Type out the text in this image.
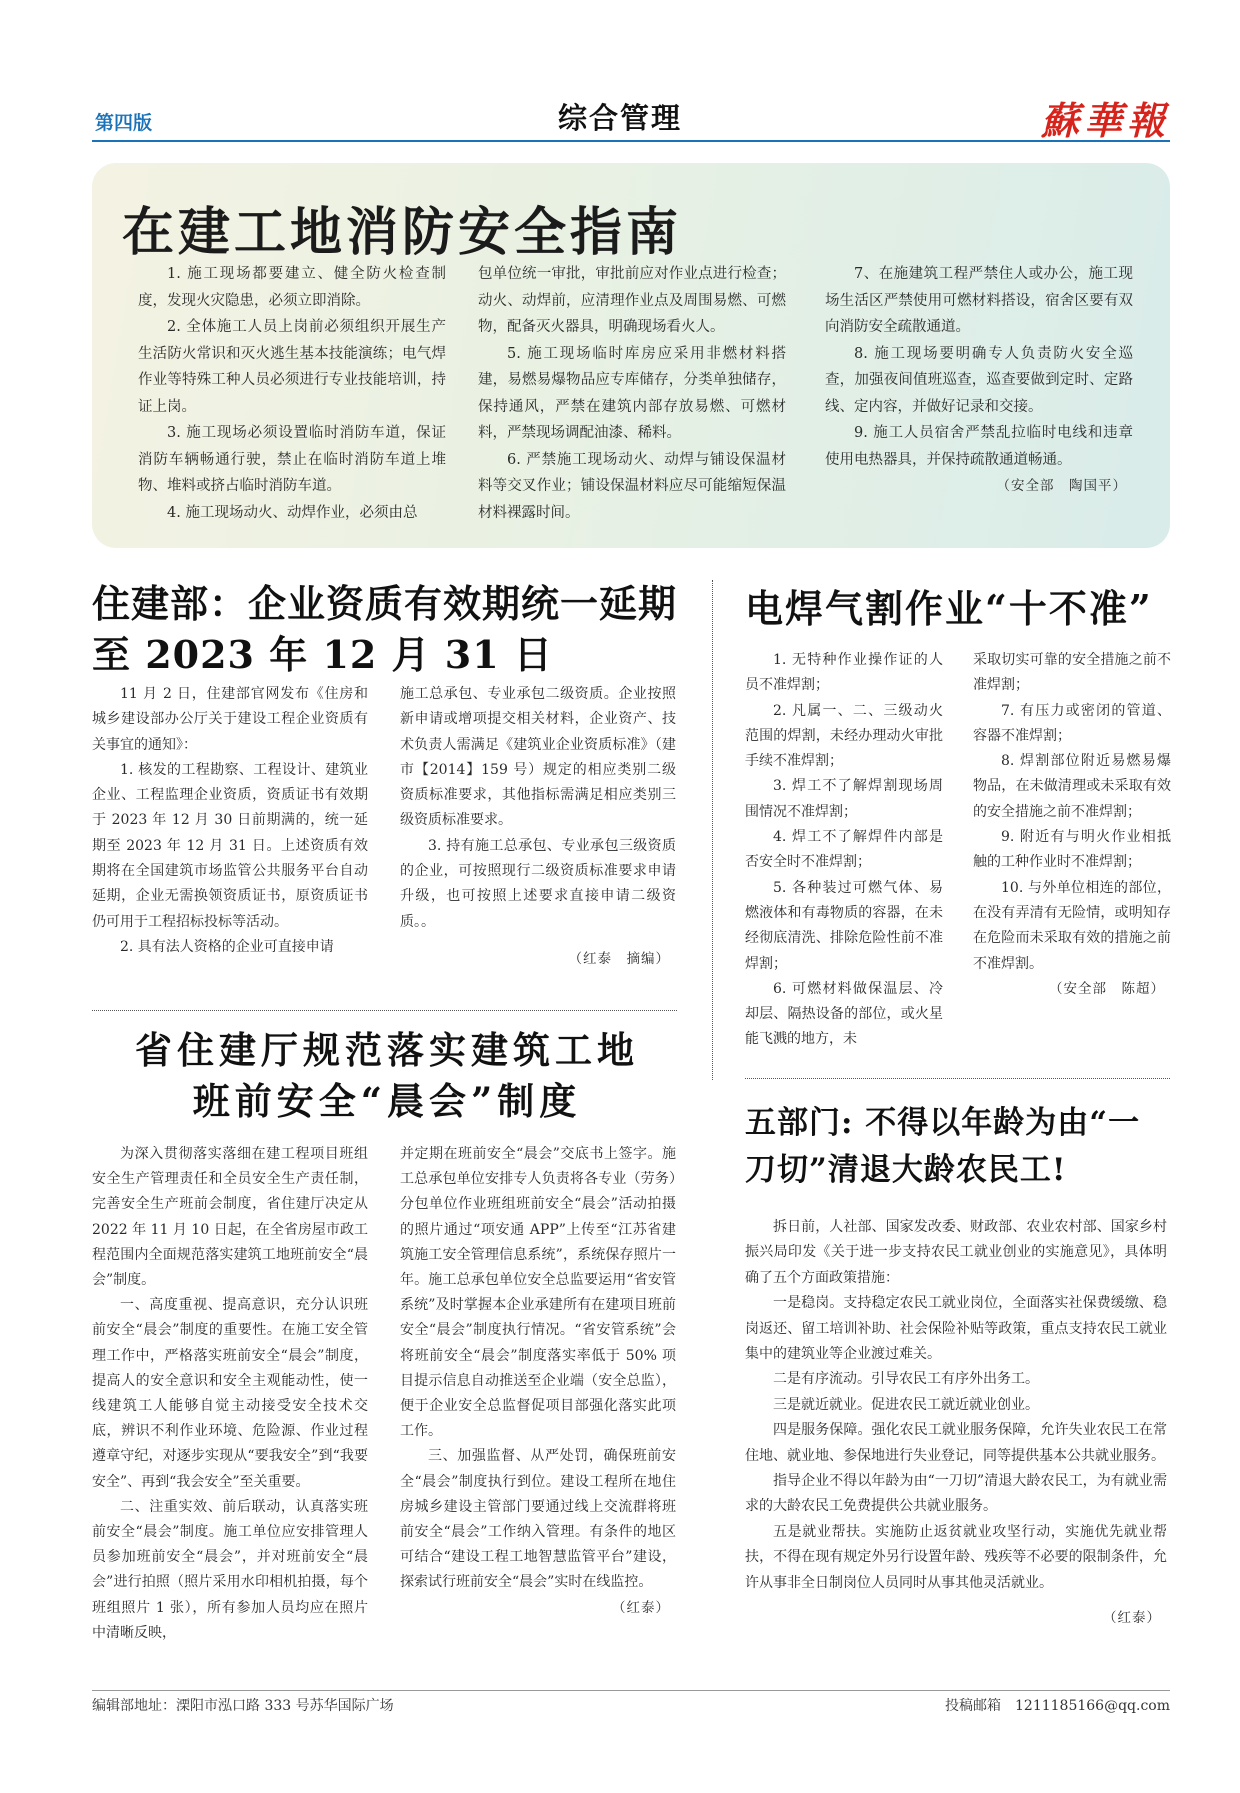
第四版	综合管理	蘇華報
在建工地消防安全指南

1. 施工现场都要建立、健全防火检查制度，发现火灾隐患，必须立即消除。

2. 全体施工人员上岗前必须组织开展生产生活防火常识和灭火逃生基本技能演练；电气焊作业等特殊工种人员必须进行专业技能培训，持证上岗。

3. 施工现场必须设置临时消防车道，保证消防车辆畅通行驶，禁止在临时消防车道上堆物、堆料或挤占临时消防车道。

4. 施工现场动火、动焊作业，必须由总

包单位统一审批，审批前应对作业点进行检查；动火、动焊前，应清理作业点及周围易燃、可燃物，配备灭火器具，明确现场看火人。

5. 施工现场临时库房应采用非燃材料搭建，易燃易爆物品应专库储存，分类单独储存，保持通风，严禁在建筑内部存放易燃、可燃材料，严禁现场调配油漆、稀料。

6. 严禁施工现场动火、动焊与铺设保温材料等交叉作业；铺设保温材料应尽可能缩短保温材料裸露时间。

7、在施建筑工程严禁住人或办公，施工现场生活区严禁使用可燃材料搭设，宿舍区要有双向消防安全疏散通道。

8. 施工现场要明确专人负责防火安全巡查，加强夜间值班巡查，巡查要做到定时、定路线、定内容，并做好记录和交接。

9. 施工人员宿舍严禁乱拉临时电线和违章使用电热器具，并保持疏散通道畅通。

（安全部　陶国平）
住建部：企业资质有效期统一延期至 2023 年 12 月 31 日

11 月 2 日，住建部官网发布《住房和城乡建设部办公厅关于建设工程企业资质有关事宜的通知》：

1. 核发的工程勘察、工程设计、建筑业企业、工程监理企业资质，资质证书有效期于 2023 年 12 月 30 日前期满的，统一延期至 2023 年 12 月 31 日。上述资质有效期将在全国建筑市场监管公共服务平台自动延期，企业无需换领资质证书，原资质证书仍可用于工程招标投标等活动。

2. 具有法人资格的企业可直接申请

施工总承包、专业承包二级资质。企业按照新申请或增项提交相关材料，企业资产、技术负责人需满足《建筑业企业资质标准》（建市【2014】159 号）规定的相应类别二级资质标准要求，其他指标需满足相应类别三级资质标准要求。

3. 持有施工总承包、专业承包三级资质的企业，可按照现行二级资质标准要求申请升级，也可按照上述要求直接申请二级资质。。

（红泰　摘编）
省住建厅规范落实建筑工地
班前安全“晨会”制度

为深入贯彻落实落细在建工程项目班组安全生产管理责任和全员安全生产责任制，完善安全生产班前会制度，省住建厅决定从 2022 年 11 月 10 日起，在全省房屋市政工程范围内全面规范落实建筑工地班前安全“晨会”制度。

一、高度重视、提高意识，充分认识班前安全“晨会”制度的重要性。在施工安全管理工作中，严格落实班前安全“晨会”制度，提高人的安全意识和安全主观能动性，使一线建筑工人能够自觉主动接受安全技术交底，辨识不利作业环境、危险源、作业过程遵章守纪，对逐步实现从“要我安全”到“我要安全”、再到“我会安全”至关重要。

二、注重实效、前后联动，认真落实班前安全“晨会”制度。施工单位应安排管理人员参加班前安全“晨会”，并对班前安全“晨会”进行拍照（照片采用水印相机拍摄，每个班组照片 1 张），所有参加人员均应在照片中清晰反映，

并定期在班前安全“晨会”交底书上签字。施工总承包单位安排专人负责将各专业（劳务）分包单位作业班组班前安全“晨会”活动拍摄的照片通过“项安通 APP”上传至“江苏省建筑施工安全管理信息系统”，系统保存照片一年。施工总承包单位安全总监要运用“省安管系统”及时掌握本企业承建所有在建项目班前安全“晨会”制度执行情况。“省安管系统”会将班前安全“晨会”制度落实率低于 50% 项目提示信息自动推送至企业端（安全总监），便于企业安全总监督促项目部强化落实此项工作。

三、加强监督、从严处罚，确保班前安全“晨会”制度执行到位。建设工程所在地住房城乡建设主管部门要通过线上交流群将班前安全“晨会”工作纳入管理。有条件的地区可结合“建设工程工地智慧监管平台”建设，探索试行班前安全“晨会”实时在线监控。

（红泰）
电焊气割作业“十不准”

1. 无特种作业操作证的人员不准焊割；

2. 凡属一、二、三级动火范围的焊割，未经办理动火审批手续不准焊割；

3. 焊工不了解焊割现场周围情况不准焊割；

4. 焊工不了解焊件内部是否安全时不准焊割；

5. 各种装过可燃气体、易燃液体和有毒物质的容器，在未经彻底清洗、排除危险性前不准焊割；

6. 可燃材料做保温层、冷却层、隔热设备的部位，或火星能飞溅的地方，未

采取切实可靠的安全措施之前不准焊割；

7. 有压力或密闭的管道、容器不准焊割；

8. 焊割部位附近易燃易爆物品，在未做清理或未采取有效的安全措施之前不准焊割；

9. 附近有与明火作业相抵触的工种作业时不准焊割；

10. 与外单位相连的部位，在没有弄清有无险情，或明知存在危险而未采取有效的措施之前不准焊割。

（安全部　陈超）
五部门: 不得以年龄为由“一
刀切”清退大龄农民工!

拆日前，人社部、国家发改委、财政部、农业农村部、国家乡村振兴局印发《关于进一步支持农民工就业创业的实施意见》，具体明确了五个方面政策措施：

一是稳岗。支持稳定农民工就业岗位，全面落实社保费缓缴、稳岗返还、留工培训补助、社会保险补贴等政策，重点支持农民工就业集中的建筑业等企业渡过难关。

二是有序流动。引导农民工有序外出务工。

三是就近就业。促进农民工就近就业创业。

四是服务保障。强化农民工就业服务保障，允许失业农民工在常住地、就业地、参保地进行失业登记，同等提供基本公共就业服务。

指导企业不得以年龄为由“一刀切”清退大龄农民工，为有就业需求的大龄农民工免费提供公共就业服务。

五是就业帮扶。实施防止返贫就业攻坚行动，实施优先就业帮扶，不得在现有规定外另行设置年龄、残疾等不必要的限制条件，允许从事非全日制岗位人员同时从事其他灵活就业。

（红泰）
编辑部地址：溧阳市泓口路 333 号苏华国际广场	投稿邮箱　1211185166@qq.com
